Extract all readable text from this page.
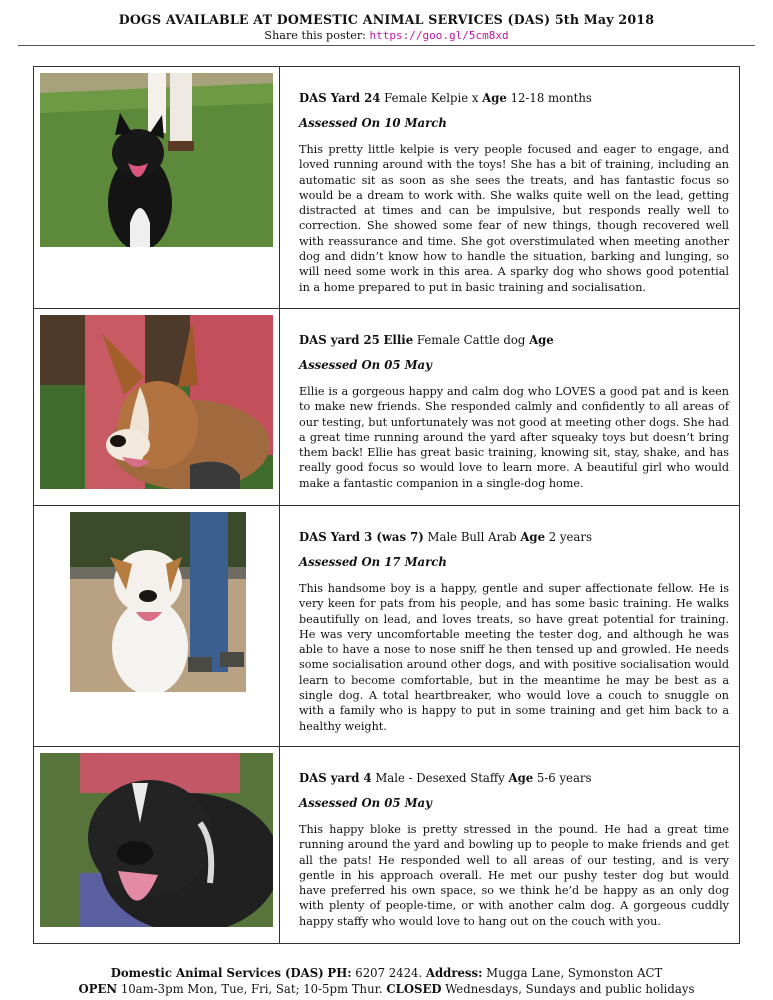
DOGS AVAILABLE AT DOMESTIC ANIMAL SERVICES (DAS) 5th May 2018
Share this poster: https://goo.gl/5cm8xd

DAS Yard 24 Female Kelpie x Age 12-18 months
Assessed On 10 March
This pretty little kelpie is very people focused and eager to engage, and loved running around with the toys! She has a bit of training, including an automatic sit as soon as she sees the treats, and has fantastic focus so would be a dream to work with. She walks quite well on the lead, getting distracted at times and can be impulsive, but responds really well to correction. She showed some fear of new things, though recovered well with reassurance and time. She got overstimulated when meeting another dog and didn’t know how to handle the situation, barking and lunging, so will need some work in this area. A sparky dog who shows good potential in a home prepared to put in basic training and socialisation.

DAS yard 25 Ellie Female Cattle dog Age
Assessed On 05 May
Ellie is a gorgeous happy and calm dog who LOVES a good pat and is keen to make new friends. She responded calmly and confidently to all areas of our testing, but unfortunately was not good at meeting other dogs. She had a great time running around the yard after squeaky toys but doesn’t bring them back! Ellie has great basic training, knowing sit, stay, shake, and has really good focus so would love to learn more. A beautiful girl who would make a fantastic companion in a single-dog home.

DAS Yard 3 (was 7) Male Bull Arab Age 2 years
Assessed On 17 March
This handsome boy is a happy, gentle and super affectionate fellow. He is very keen for pats from his people, and has some basic training. He walks beautifully on lead, and loves treats, so have great potential for training. He was very uncomfortable meeting the tester dog, and although he was able to have a nose to nose sniff he then tensed up and growled. He needs some socialisation around other dogs, and with positive socialisation would learn to become comfortable, but in the meantime he may be best as a single dog. A total heartbreaker, who would love a couch to snuggle on with a family who is happy to put in some training and get him back to a healthy weight.

DAS yard 4 Male - Desexed Staffy Age 5-6 years
Assessed On 05 May
This happy bloke is pretty stressed in the pound. He had a great time running around the yard and bowling up to people to make friends and get all the pats! He responded well to all areas of our testing, and is very gentle in his approach overall. He met our pushy tester dog but would have preferred his own space, so we think he’d be happy as an only dog with plenty of people-time, or with another calm dog. A gorgeous cuddly happy staffy who would love to hang out on the couch with you.
Domestic Animal Services (DAS) PH: 6207 2424. Address: Mugga Lane, Symonston ACT
OPEN 10am-3pm Mon, Tue, Fri, Sat; 10-5pm Thur. CLOSED Wednesdays, Sundays and public holidays
